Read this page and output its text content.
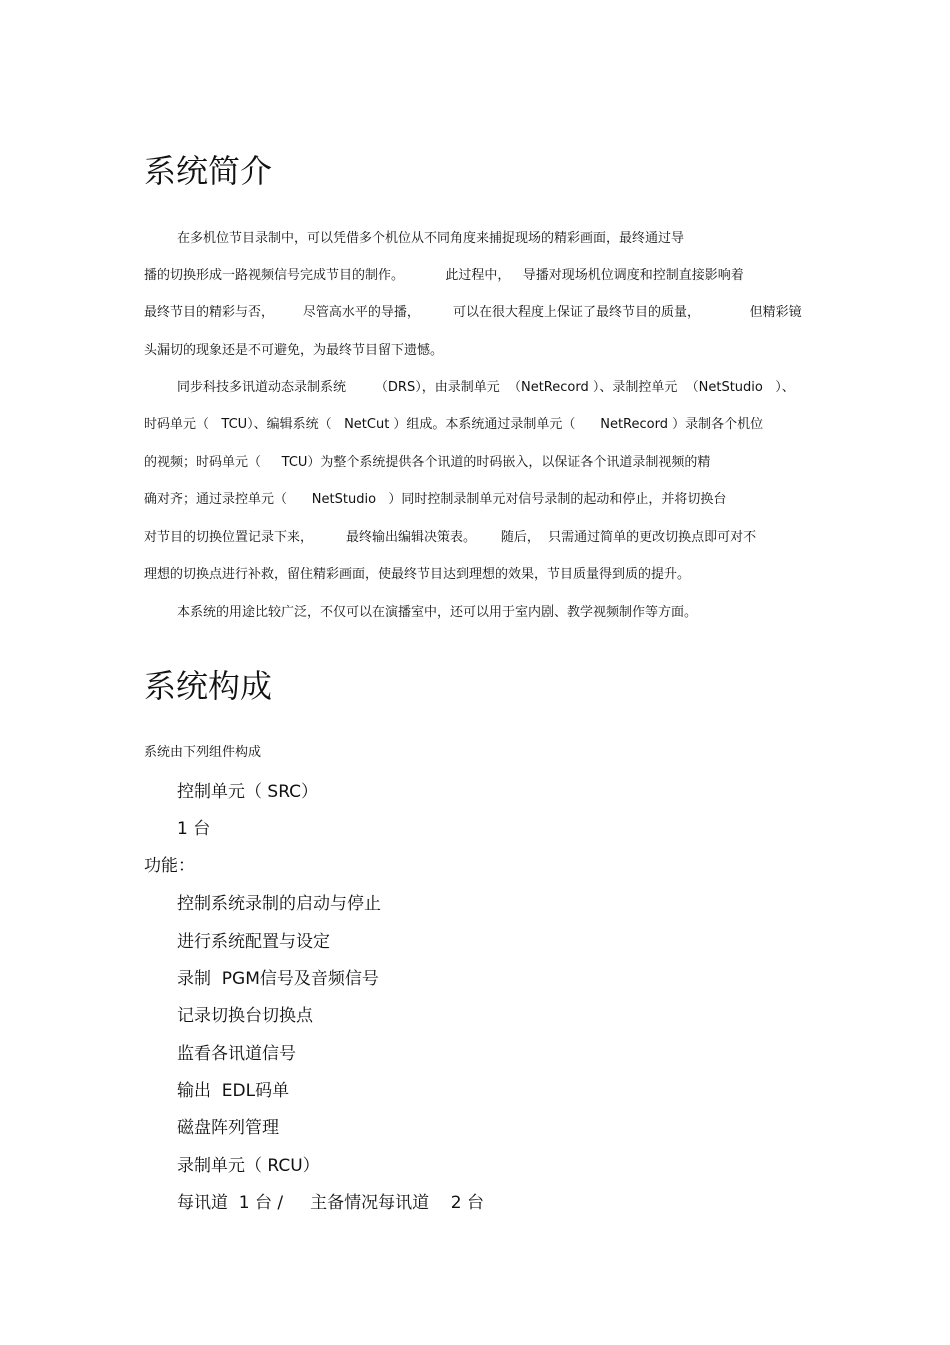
系统简介
在多机位节目录制中，可以凭借多个机位从不同角度来捕捉现场的精彩画面，最终通过导
播的切换形成一路视频信号完成节目的制作。          此过程中，   导播对现场机位调度和控制直接影响着
最终节目的精彩与否，       尽管高水平的导播，        可以在很大程度上保证了最终节目的质量，            但精彩镜
头漏切的现象还是不可避免，为最终节目留下遗憾。
同步科技多讯道动态录制系统       （DRS），由录制单元  （NetRecord ）、录制控单元  （NetStudio   ）、
时码单元（   TCU）、编辑系统（   NetCut ）组成。本系统通过录制单元（      NetRecord ）录制各个机位
的视频；时码单元（     TCU）为整个系统提供各个讯道的时码嵌入，以保证各个讯道录制视频的精
确对齐；通过录控单元（      NetStudio   ）同时控制录制单元对信号录制的起动和停止，并将切换台
对节目的切换位置记录下来，        最终输出编辑决策表。      随后，  只需通过简单的更改切换点即可对不
理想的切换点进行补救，留住精彩画面，使最终节目达到理想的效果，节目质量得到质的提升。
本系统的用途比较广泛，不仅可以在演播室中，还可以用于室内剧、教学视频制作等方面。
系统构成
系统由下列组件构成
控制单元（ SRC）
1 台
功能：
控制系统录制的启动与停止
进行系统配置与设定
录制  PGM信号及音频信号
记录切换台切换点
监看各讯道信号
输出  EDL码单
磁盘阵列管理
录制单元（ RCU）
每讯道  1 台 /     主备情况每讯道    2 台
